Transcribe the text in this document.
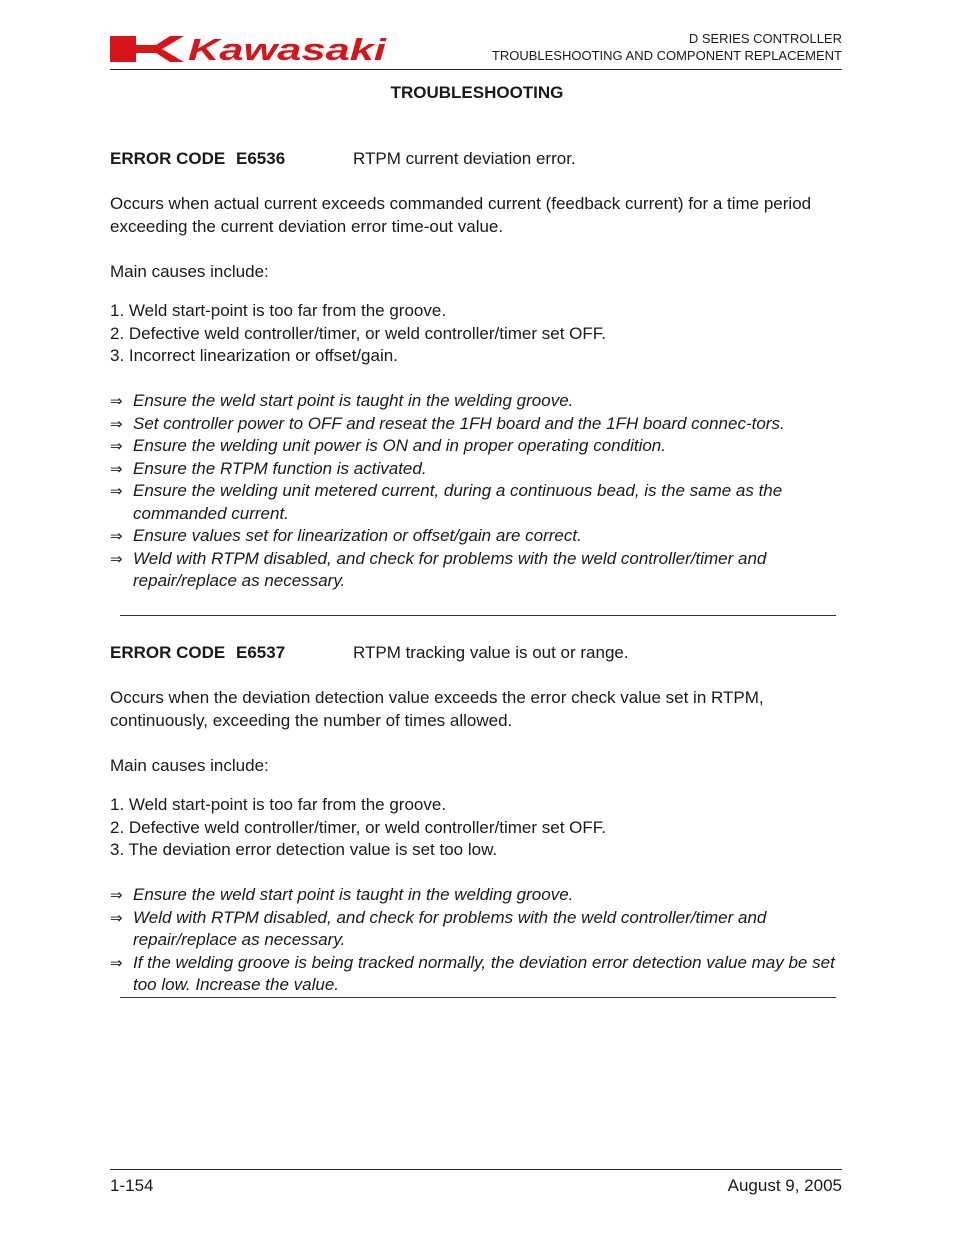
Kawasaki	D SERIES CONTROLLER
TROUBLESHOOTING AND COMPONENT REPLACEMENT
TROUBLESHOOTING
ERROR CODE E6536	RTPM current deviation error.

Occurs when actual current exceeds commanded current (feedback current) for a time period exceeding the current deviation error time-out value.

Main causes include:

1. Weld start-point is too far from the groove.

2. Defective weld controller/timer, or weld controller/timer set OFF.

3. Incorrect linearization or offset/gain.

⇒ Ensure the weld start point is taught in the welding groove.

⇒ Set controller power to OFF and reseat the 1FH board and the 1FH board connec-tors.

⇒ Ensure the welding unit power is ON and in proper operating condition.

⇒ Ensure the RTPM function is activated.

⇒ Ensure the welding unit metered current, during a continuous bead, is the same as the commanded current.

⇒ Ensure values set for linearization or offset/gain are correct.

⇒ Weld with RTPM disabled, and check for problems with the weld controller/timer and repair/replace as necessary.

ERROR CODE E6537	RTPM tracking value is out or range.

Occurs when the deviation detection value exceeds the error check value set in RTPM, continuously, exceeding the number of times allowed.

Main causes include:

1. Weld start-point is too far from the groove.

2. Defective weld controller/timer, or weld controller/timer set OFF.

3. The deviation error detection value is set too low.

⇒ Ensure the weld start point is taught in the welding groove.

⇒ Weld with RTPM disabled, and check for problems with the weld controller/timer and repair/replace as necessary.

⇒ If the welding groove is being tracked normally, the deviation error detection value may be set too low. Increase the value.

1-154	August 9, 2005
